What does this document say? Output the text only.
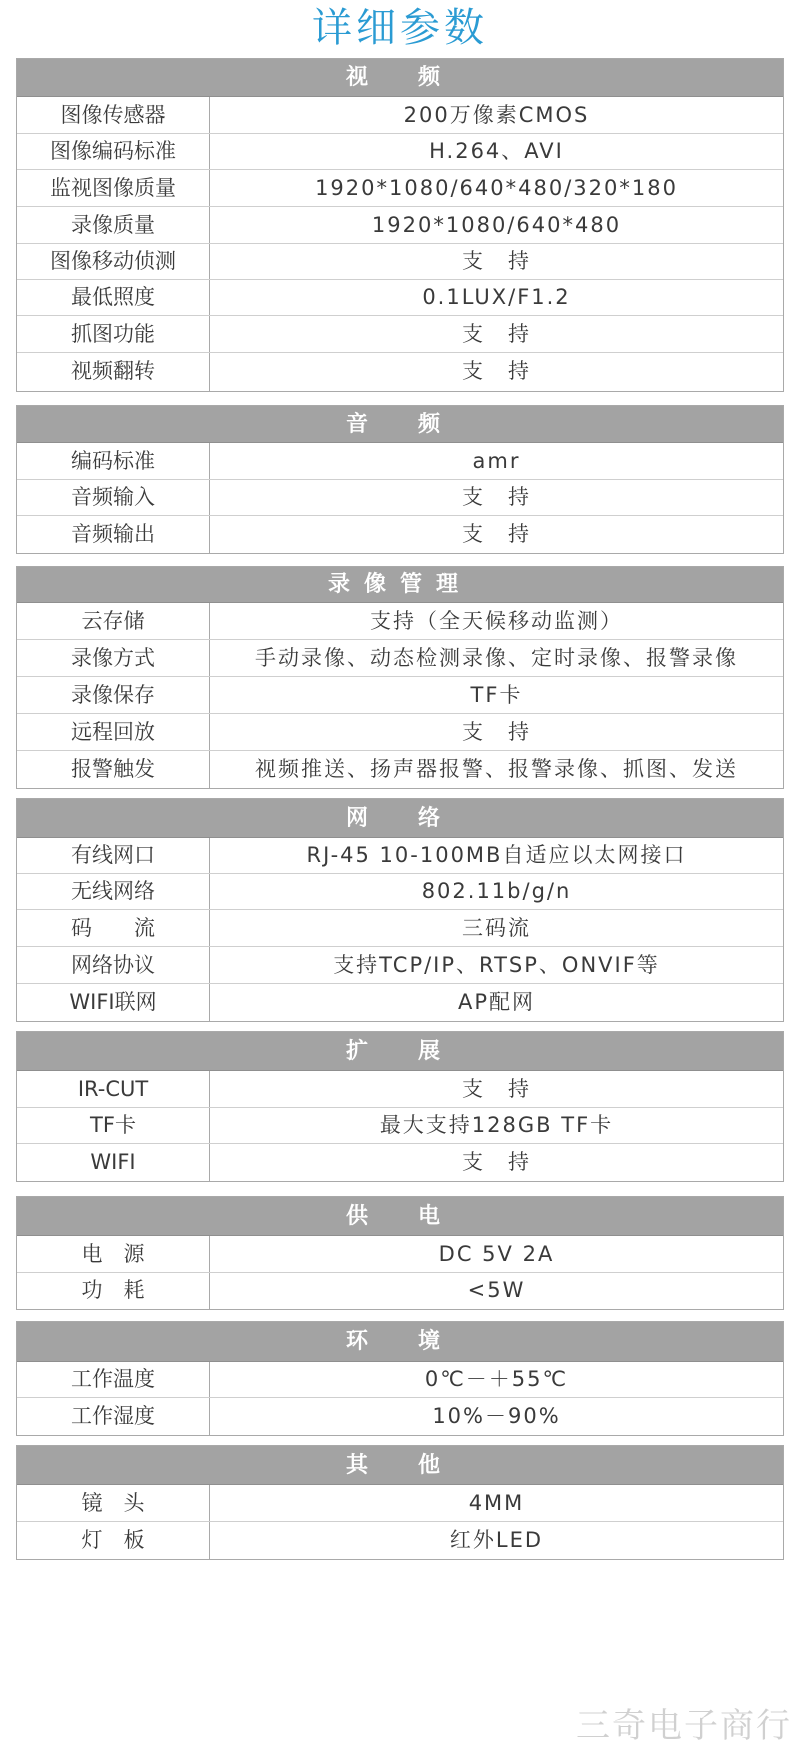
详细参数
视　频
图像传感器	200万像素CMOS
图像编码标准	H.264、AVI
监视图像质量	1920*1080/640*480/320*180
录像质量	1920*1080/640*480
图像移动侦测	支　持
最低照度	0.1LUX/F1.2
抓图功能	支　持
视频翻转	支　持
音　频
编码标准	amr
音频输入	支　持
音频输出	支　持
录像管理
云存储	支持（全天候移动监测）
录像方式	手动录像、动态检测录像、定时录像、报警录像
录像保存	TF卡
远程回放	支　持
报警触发	视频推送、扬声器报警、报警录像、抓图、发送
网　络
有线网口	RJ-45 10-100MB自适应以太网接口
无线网络	802.11b/g/n
码　　流	三码流
网络协议	支持TCP/IP、RTSP、ONVIF等
WIFI联网	AP配网
扩　展
IR-CUT	支　持
TF卡	最大支持128GB TF卡
WIFI	支　持
供　电
电　源	DC 5V 2A
功　耗	<5W
环　境
工作温度	0℃－＋55℃
工作湿度	10%－90%
其　他
镜　头	4MM
灯　板	红外LED
三奇电子商行
